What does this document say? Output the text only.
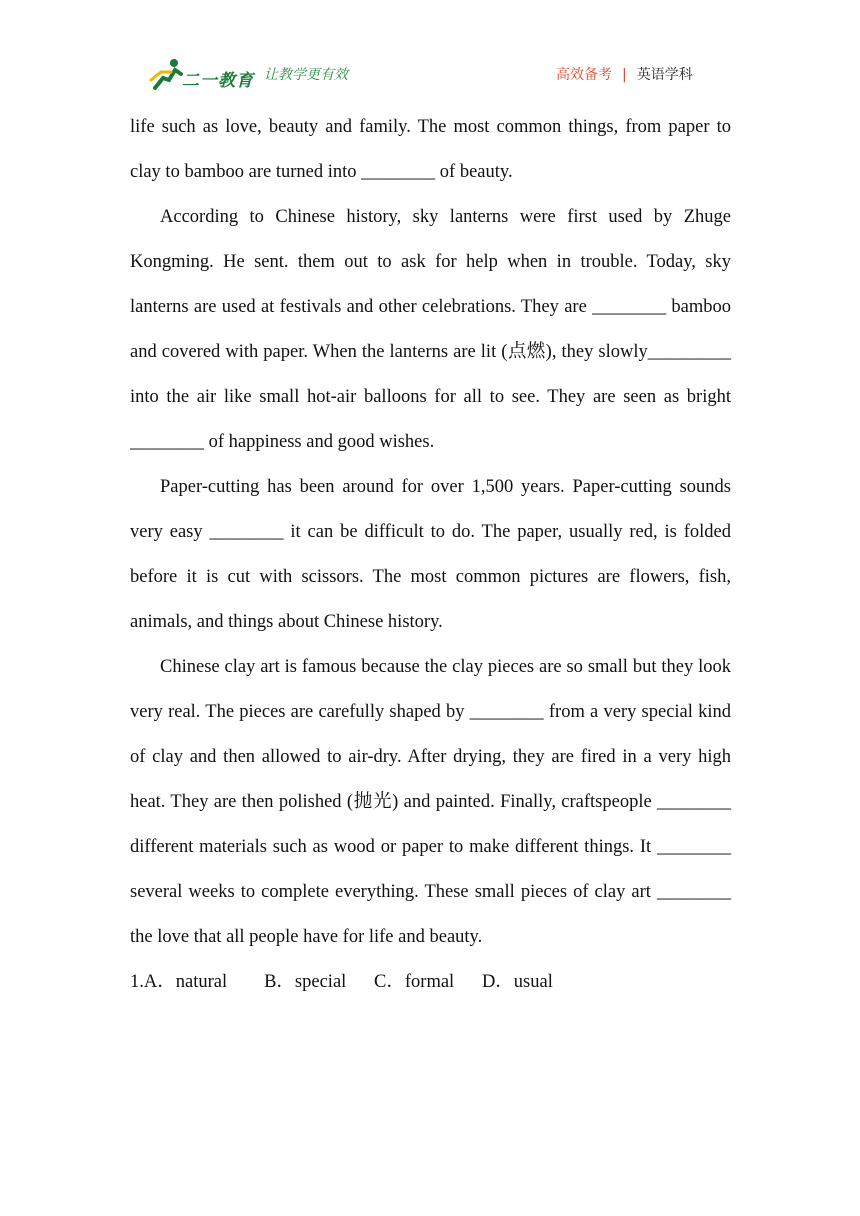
二一教育 让教学更有效	高效备考 | 英语学科

life such as love, beauty and family. The most common things, from paper to clay to bamboo are turned into ________ of beauty.

According to Chinese history, sky lanterns were first used by Zhuge Kongming. He sent. them out to ask for help when in trouble. Today, sky lanterns are used at festivals and other celebrations. They are ________ bamboo and covered with paper. When the lanterns are lit (点燃), they slowly_________ into the air like small hot-air balloons for all to see. They are seen as bright ________ of happiness and good wishes.

Paper-cutting has been around for over 1,500 years. Paper-cutting sounds very easy ________ it can be difficult to do. The paper, usually red, is folded before it is cut with scissors. The most common pictures are flowers, fish, animals, and things about Chinese history.

Chinese clay art is famous because the clay pieces are so small but they look very real. The pieces are carefully shaped by ________ from a very special kind of clay and then allowed to air-dry. After drying, they are fired in a very high heat. They are then polished (抛光) and painted. Finally, craftspeople ________ different materials such as wood or paper to make different things. It ________ several weeks to complete everything. These small pieces of clay art ________ the love that all people have for life and beauty.

1.A．natural        B．special      C．formal      D．usual
